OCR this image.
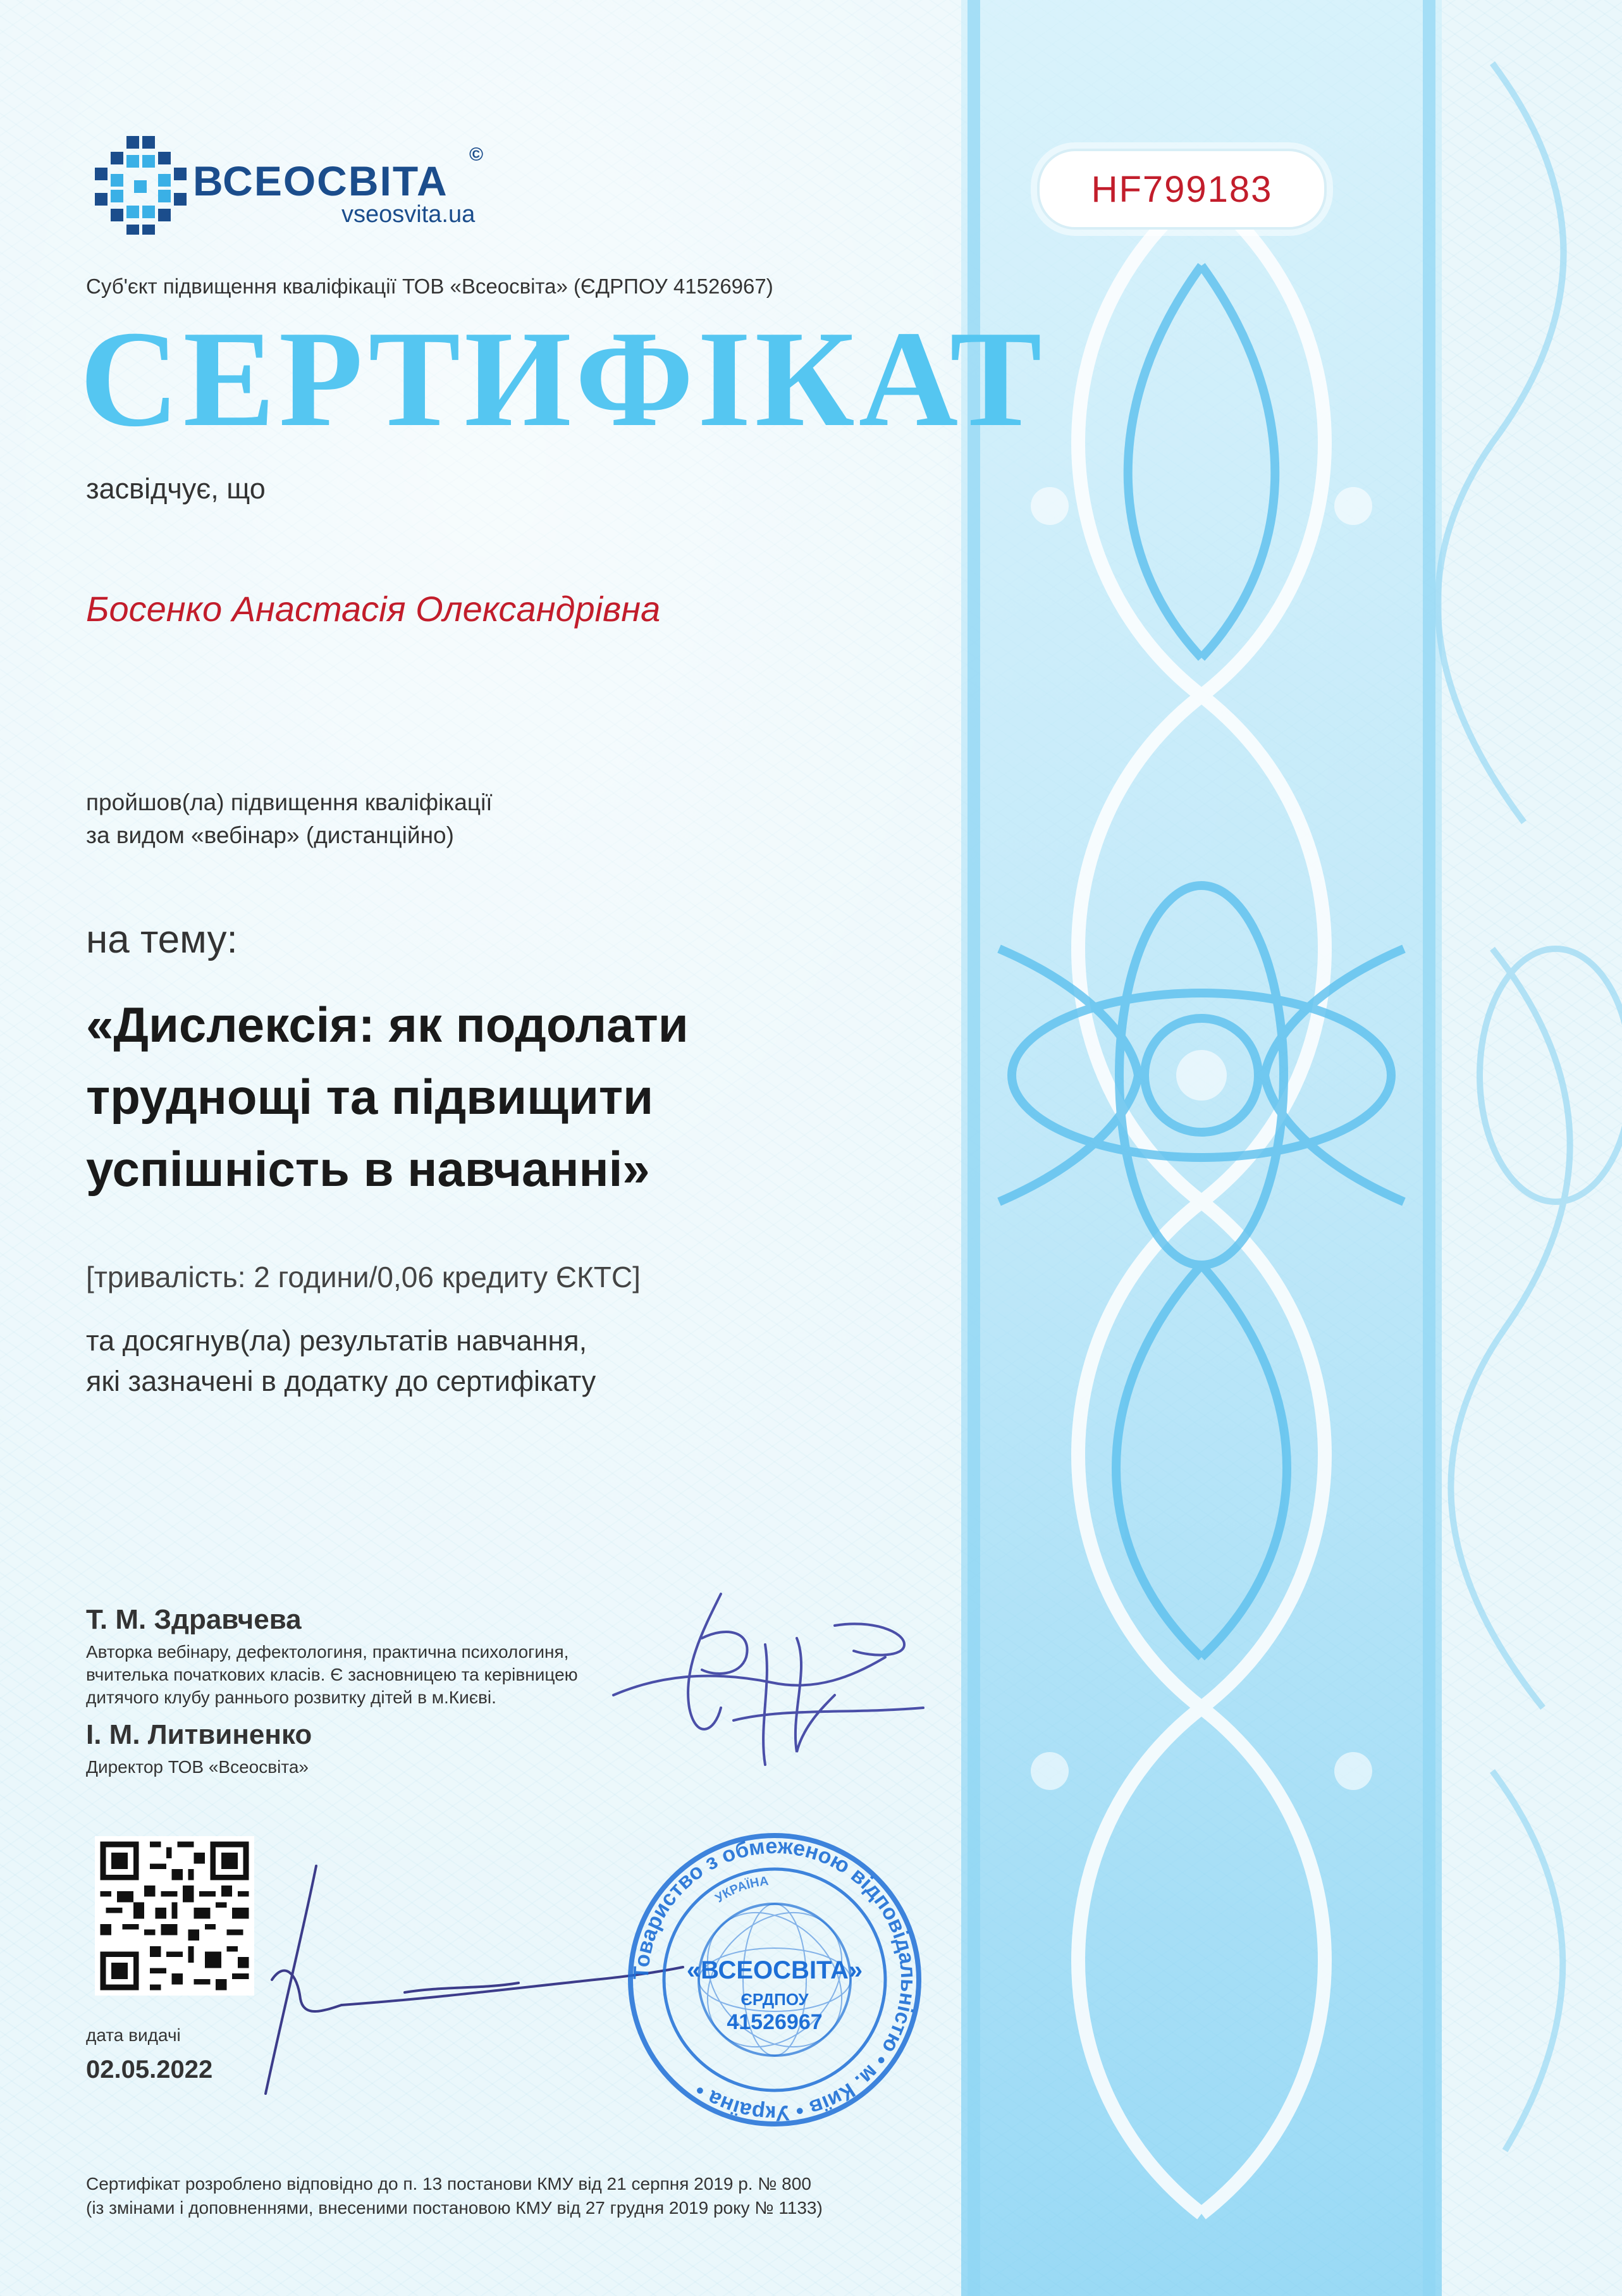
ВСЕОСВІТА
vseosvita.ua
©
HF799183
Суб'єкт підвищення кваліфікації ТОВ «Всеосвіта» (ЄДРПОУ 41526967)
СЕРТИФІКАТ
засвідчує, що
Босенко Анастасія Олександрівна
пройшов(ла) підвищення кваліфікації
за видом «вебінар» (дистанційно)
на тему:
«Дислексія: як подолати
труднощі та підвищити
успішність в навчанні»
[тривалість: 2 години/0,06 кредиту ЄКТС]
та досягнув(ла) результатів навчання,
які зазначені в додатку до сертифікату
Т. М. Здравчева
Авторка вебінару, дефектологиня, практична психологиня,
вчителька початкових класів. Є засновницею та керівницею
дитячого клубу раннього розвитку дітей в м.Києві.
І. М. Литвиненко
Директор ТОВ «Всеосвіта»
Товариство з обмеженою відповідальністю • м. Київ • Україна •
УКРАЇНА
«ВСЕОСВІТА»
ЄРДПОУ
41526967
дата видачі
02.05.2022
Сертифікат розроблено відповідно до п. 13 постанови КМУ від 21 серпня 2019 р. № 800
(із змінами і доповненнями, внесеними постановою КМУ від 27 грудня 2019 року № 1133)
